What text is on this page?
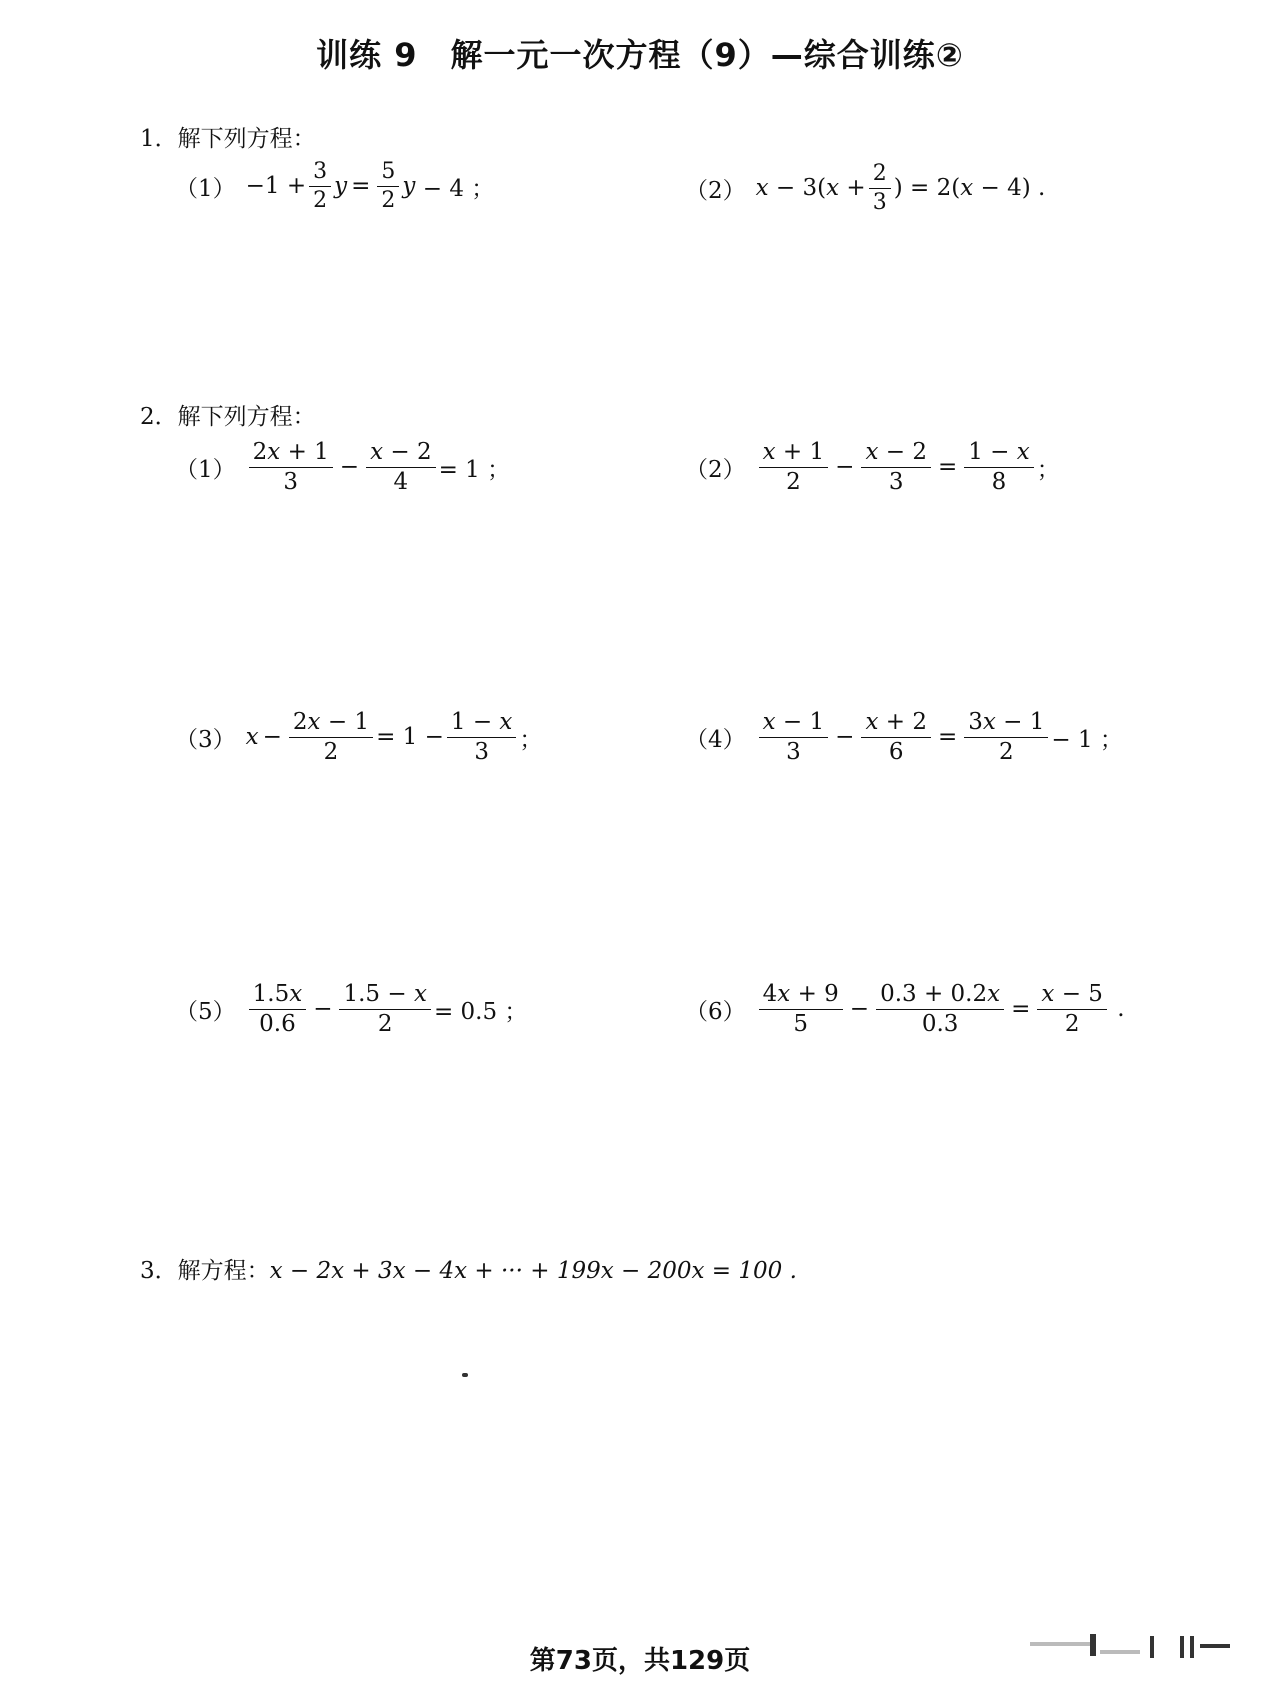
训练 9　解一元一次方程（9）—综合训练②
1．解下列方程：
$(1) -1 + \frac{3}{2}$ $y = \frac{5}{2}$ y − 4 ；	（2） x − 3( $x + \frac{2}{3}$ ) = 2( x − 4) .
2．解下列方程：
$(1) \frac{2x + 1}{3} - \frac{x - 2}{4} = 1$ ；	$(2) \frac{x + 1}{2} - \frac{x - 2}{3} = \frac{1 - x}{8}$ ；
（3） $x - \frac{2x - 1}{2} = 1 - \frac{1 - x}{3}$ ；	$(4) \frac{x - 1}{3} - \frac{x + 2}{6} = \frac{3x - 1}{2} - 1$ ；
$(5) \frac{1.5x}{0.6} - \frac{1.5 - x}{2} = 0.5$ ；	$(6) \frac{4x + 9}{5} - \frac{0.3 + 0.2x}{0.3} = \frac{x - 5}{2}$ .
3．解方程：x − 2x + 3x − 4x + ··· + 199x − 200x = 100 .
第73页，共129页
